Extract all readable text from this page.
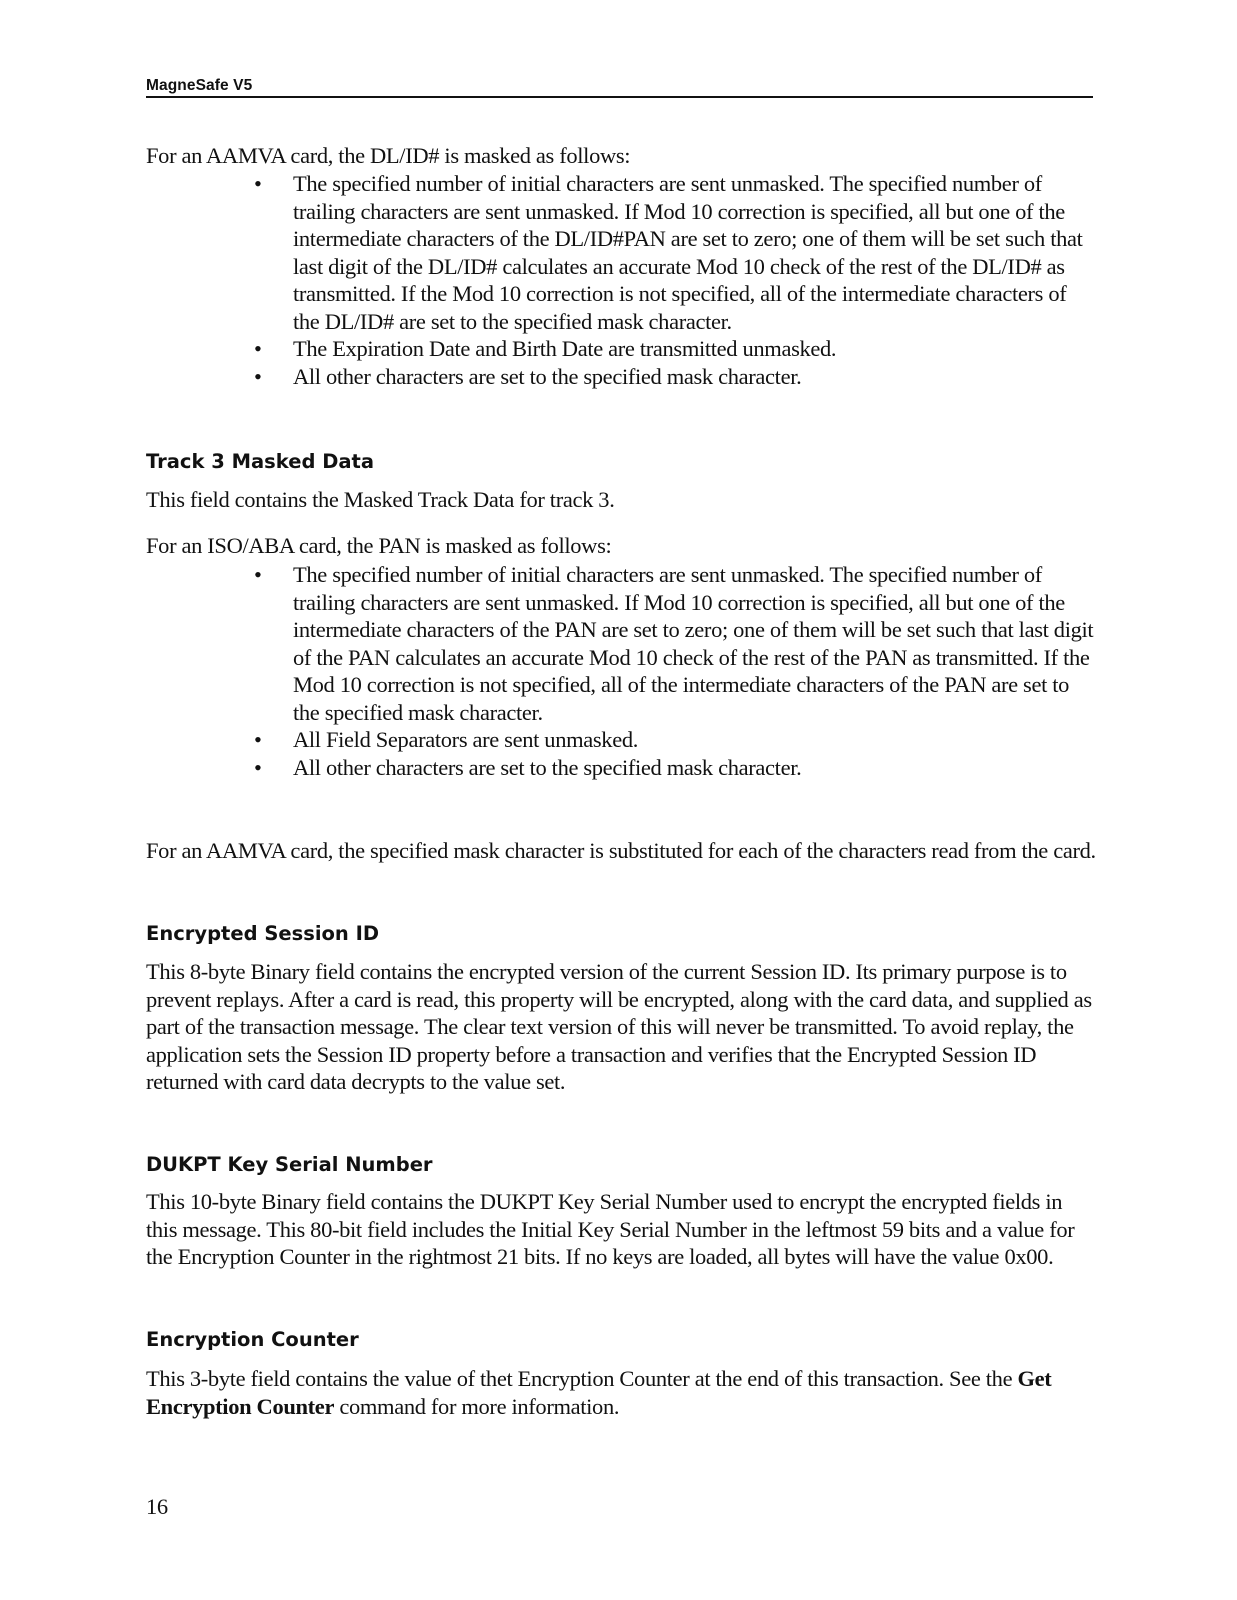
MagneSafe V5

For an AAMVA card, the DL/ID# is masked as follows:

• The specified number of initial characters are sent unmasked. The specified number of trailing characters are sent unmasked. If Mod 10 correction is specified, all but one of the intermediate characters of the DL/ID#PAN are set to zero; one of them will be set such that last digit of the DL/ID# calculates an accurate Mod 10 check of the rest of the DL/ID# as transmitted. If the Mod 10 correction is not specified, all of the intermediate characters of the DL/ID# are set to the specified mask character.
• The Expiration Date and Birth Date are transmitted unmasked.
• All other characters are set to the specified mask character.
Track 3 Masked Data

This field contains the Masked Track Data for track 3.

For an ISO/ABA card, the PAN is masked as follows:

• The specified number of initial characters are sent unmasked. The specified number of trailing characters are sent unmasked. If Mod 10 correction is specified, all but one of the intermediate characters of the PAN are set to zero; one of them will be set such that last digit of the PAN calculates an accurate Mod 10 check of the rest of the PAN as transmitted. If the Mod 10 correction is not specified, all of the intermediate characters of the PAN are set to the specified mask character.
• All Field Separators are sent unmasked.
• All other characters are set to the specified mask character.

For an AAMVA card, the specified mask character is substituted for each of the characters read from the card.

Encrypted Session ID

This 8-byte Binary field contains the encrypted version of the current Session ID. Its primary purpose is to prevent replays. After a card is read, this property will be encrypted, along with the card data, and supplied as part of the transaction message. The clear text version of this will never be transmitted. To avoid replay, the application sets the Session ID property before a transaction and verifies that the Encrypted Session ID returned with card data decrypts to the value set.

DUKPT Key Serial Number

This 10-byte Binary field contains the DUKPT Key Serial Number used to encrypt the encrypted fields in this message. This 80-bit field includes the Initial Key Serial Number in the leftmost 59 bits and a value for the Encryption Counter in the rightmost 21 bits. If no keys are loaded, all bytes will have the value 0x00.

Encryption Counter

This 3-byte field contains the value of thet Encryption Counter at the end of this transaction. See the Get Encryption Counter command for more information.

16
